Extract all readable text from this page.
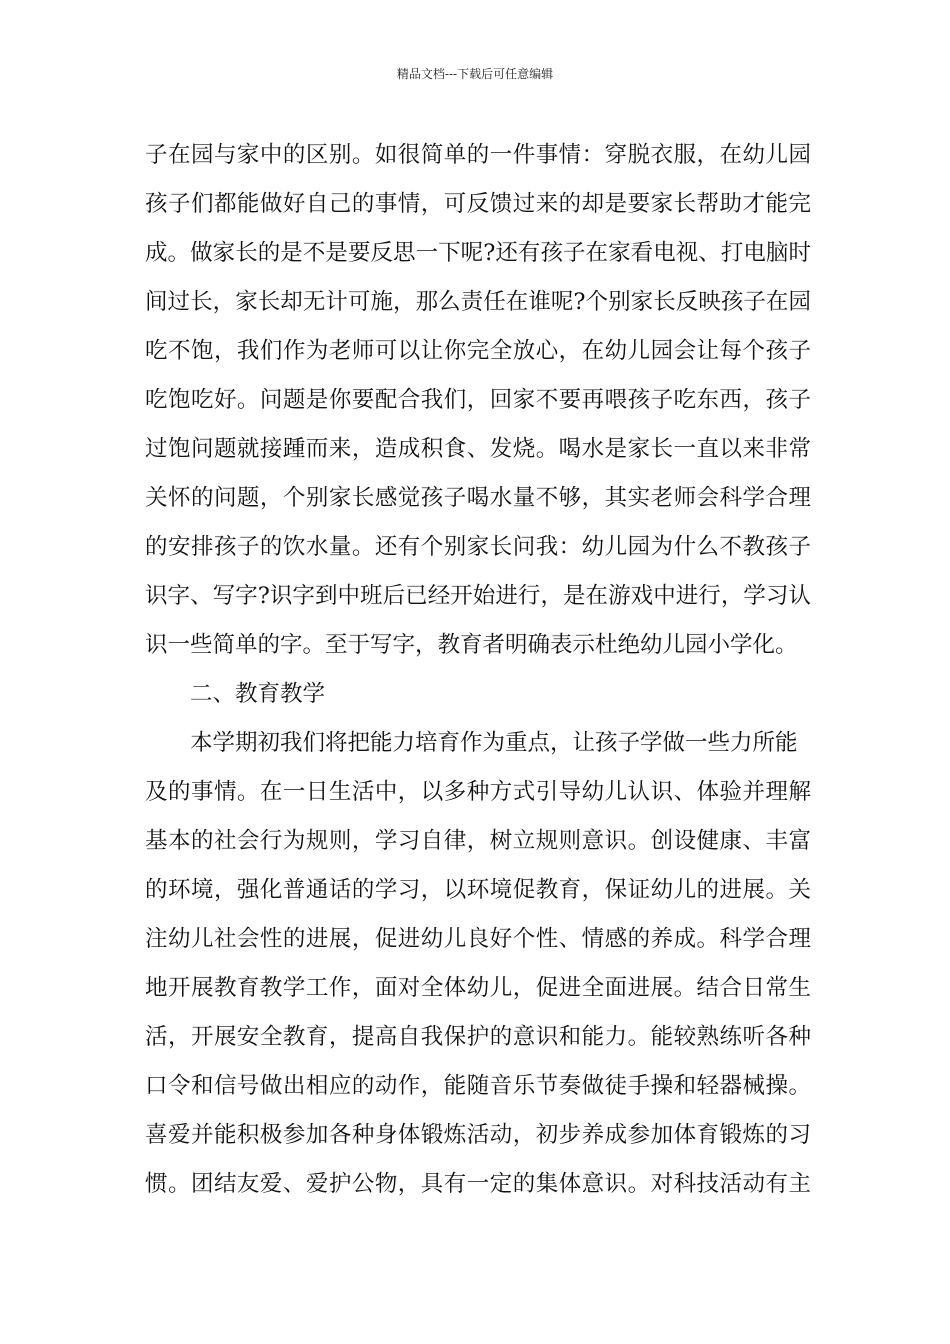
精品文档---下载后可任意编辑
子在园与家中的区别。如很简单的一件事情：穿脱衣服，在幼儿园
孩子们都能做好自己的事情，可反馈过来的却是要家长帮助才能完
成。做家长的是不是要反思一下呢?还有孩子在家看电视、打电脑时
间过长，家长却无计可施，那么责任在谁呢?个别家长反映孩子在园
吃不饱，我们作为老师可以让你完全放心，在幼儿园会让每个孩子
吃饱吃好。问题是你要配合我们，回家不要再喂孩子吃东西，孩子
过饱问题就接踵而来，造成积食、发烧。喝水是家长一直以来非常
关怀的问题，个别家长感觉孩子喝水量不够，其实老师会科学合理
的安排孩子的饮水量。还有个别家长问我：幼儿园为什么不教孩子
识字、写字?识字到中班后已经开始进行，是在游戏中进行，学习认
识一些简单的字。至于写字，教育者明确表示杜绝幼儿园小学化。
二、教育教学
本学期初我们将把能力培育作为重点，让孩子学做一些力所能
及的事情。在一日生活中，以多种方式引导幼儿认识、体验并理解
基本的社会行为规则，学习自律，树立规则意识。创设健康、丰富
的环境，强化普通话的学习，以环境促教育，保证幼儿的进展。关
注幼儿社会性的进展，促进幼儿良好个性、情感的养成。科学合理
地开展教育教学工作，面对全体幼儿，促进全面进展。结合日常生
活，开展安全教育，提高自我保护的意识和能力。能较熟练听各种
口令和信号做出相应的动作，能随音乐节奏做徒手操和轻器械操。
喜爱并能积极参加各种身体锻炼活动，初步养成参加体育锻炼的习
惯。团结友爱、爱护公物，具有一定的集体意识。对科技活动有主
